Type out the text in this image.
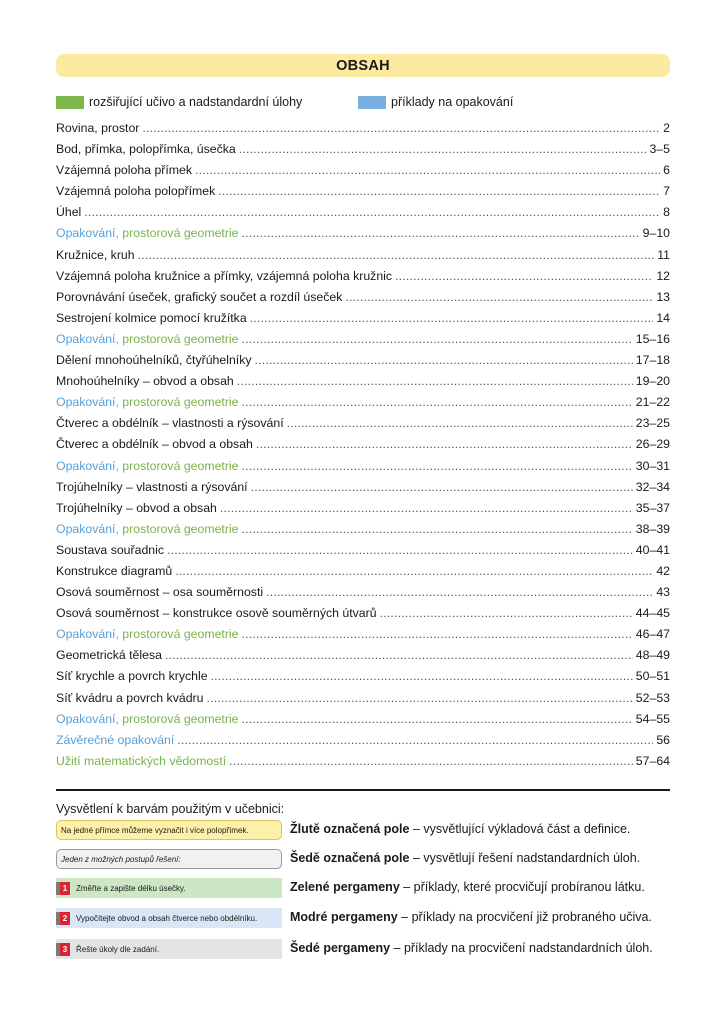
OBSAH
rozšiřující učivo a nadstandardní úlohy	příklady na opakování
Rovina, prostor .....	2
Bod, přímka, polopřímka, úsečka .....	3–5
Vzájemná poloha přímek .....	6
Vzájemná poloha polopřímek .....	7
Úhel .....	8
Opakování, prostorová geometrie .....	9–10
Kružnice, kruh .....	11
Vzájemná poloha kružnice a přímky, vzájemná poloha kružnic .....	12
Porovnávání úseček, grafický součet a rozdíl úseček .....	13
Sestrojení kolmice pomocí kružítka .....	14
Opakování, prostorová geometrie .....	15–16
Dělení mnohoúhelníků, čtyřúhelníky .....	17–18
Mnohoúhelníky – obvod a obsah .....	19–20
Opakování, prostorová geometrie .....	21–22
Čtverec a obdélník – vlastnosti a rýsování .....	23–25
Čtverec a obdélník – obvod a obsah .....	26–29
Opakování, prostorová geometrie .....	30–31
Trojúhelníky – vlastnosti a rýsování .....	32–34
Trojúhelníky – obvod a obsah .....	35–37
Opakování, prostorová geometrie .....	38–39
Soustava souřadnic .....	40–41
Konstrukce diagramů .....	42
Osová souměrnost – osa souměrnosti .....	43
Osová souměrnost – konstrukce osově souměrných útvarů .....	44–45
Opakování, prostorová geometrie .....	46–47
Geometrická tělesa .....	48–49
Síť krychle a povrch krychle .....	50–51
Síť kvádru a povrch kvádru .....	52–53
Opakování, prostorová geometrie .....	54–55
Závěrečné opakování .....	56
Užití matematických vědomostí .....	57–64
Vysvětlení k barvám použitým v učebnici:
Na jedné přímce můžeme vyznačit i více polopřímek.	Žlutě označená pole – vysvětlující výkladová část a definice.
Jeden z možných postupů řešení:	Šedě označená pole – vysvětlují řešení nadstandardních úloh.
1	Změřte a zapište délku úsečky.	Zelené pergameny – příklady, které procvičují probíranou látku.
2	Vypočítejte obvod a obsah čtverce nebo obdélníku.	Modré pergameny – příklady na procvičení již probraného učiva.
3	Řešte úkoly dle zadání.	Šedé pergameny – příklady na procvičení nadstandardních úloh.
